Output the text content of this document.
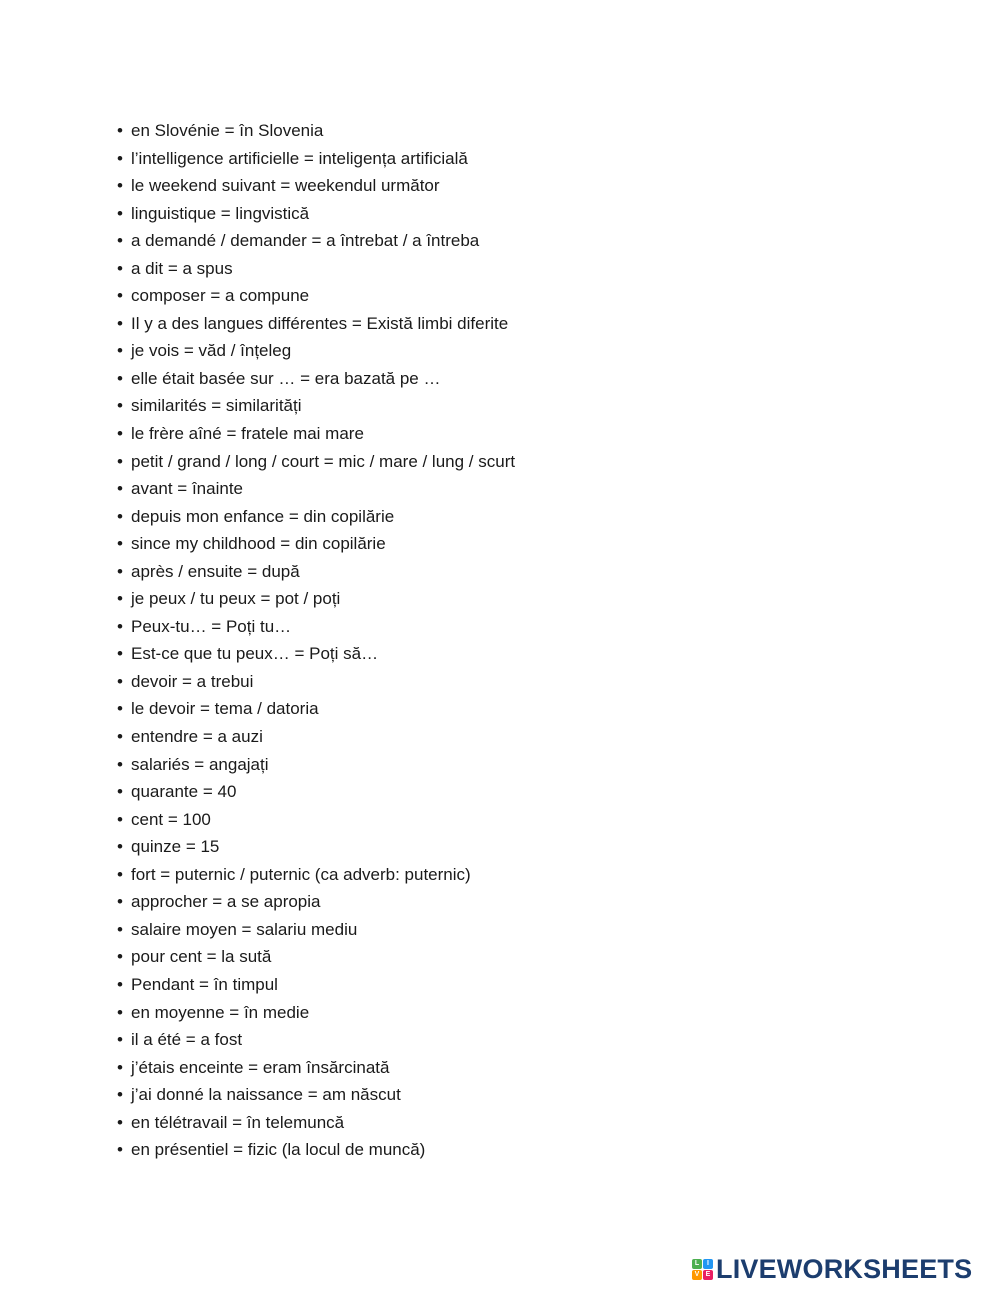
• en Slovénie = în Slovenia
• l’intelligence artificielle = inteligența artificială
• le weekend suivant = weekendul următor
• linguistique = lingvistică
• a demandé / demander = a întrebat / a întreba
• a dit = a spus
• composer = a compune
• Il y a des langues différentes = Există limbi diferite
• je vois = văd / înțeleg
• elle était basée sur … = era bazată pe …
• similarités = similarități
• le frère aîné = fratele mai mare
• petit / grand / long / court = mic / mare / lung / scurt
• avant = înainte
• depuis mon enfance = din copilărie
• since my childhood = din copilărie
• après / ensuite = după
• je peux / tu peux = pot / poți
• Peux-tu… = Poți tu…
• Est-ce que tu peux… = Poți să…
• devoir = a trebui
• le devoir = tema / datoria
• entendre = a auzi
• salariés = angajați
• quarante = 40
• cent = 100
• quinze = 15
• fort = puternic / puternic (ca adverb: puternic)
• approcher = a se apropia
• salaire moyen = salariu mediu
• pour cent = la sută
• Pendant = în timpul
• en moyenne = în medie
• il a été = a fost
• j’étais enceinte = eram însărcinată
• j’ai donné la naissance = am născut
• en télétravail = în telemuncă
• en présentiel = fizic (la locul de muncă)
L	I
V E LIVEWORKSHEETS
